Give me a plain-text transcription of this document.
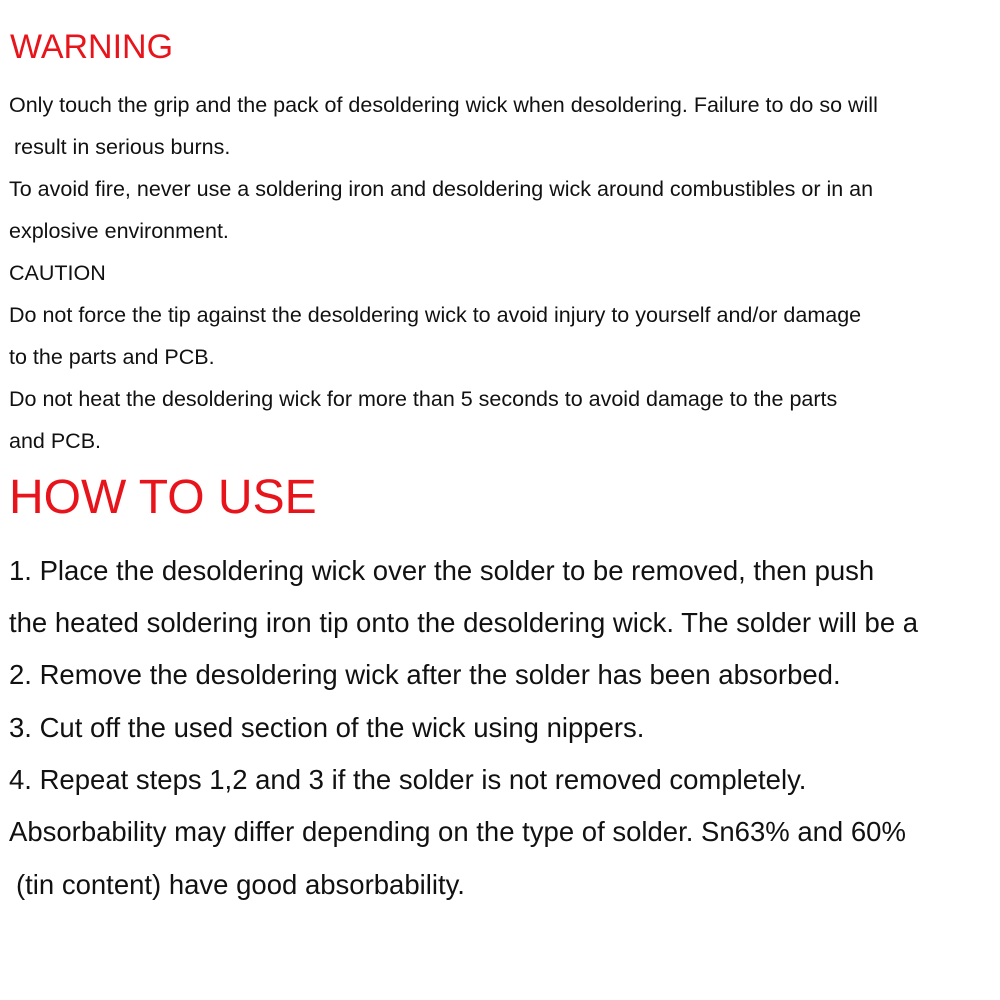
WARNING

Only touch the grip and the pack of desoldering wick when desoldering. Failure to do so will

result in serious burns.

To avoid fire, never use a soldering iron and desoldering wick around combustibles or in an

explosive environment.

CAUTION

Do not force the tip against the desoldering wick to avoid injury to yourself and/or damage

to the parts and PCB.

Do not heat the desoldering wick for more than 5 seconds to avoid damage to the parts

and PCB.

HOW TO USE

1. Place the desoldering wick over the solder to be removed, then push

the heated soldering iron tip onto the desoldering wick. The solder will be a

2. Remove the desoldering wick after the solder has been absorbed.

3. Cut off the used section of the wick using nippers.

4. Repeat steps 1,2 and 3 if the solder is not removed completely.

Absorbability may differ depending on the type of solder. Sn63% and 60%

(tin content) have good absorbability.
